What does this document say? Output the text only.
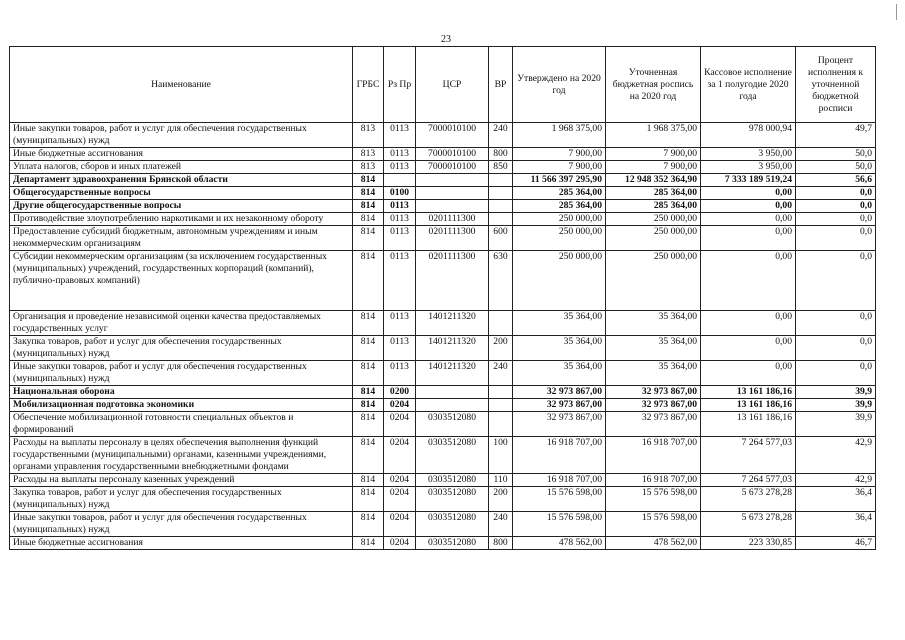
23
Наименование	ГРБС	Рз Пр	ЦСР	ВР	Утверждено на 2020 год	Уточненная бюджетная роспись на 2020 год	Кассовое исполнение за 1 полугодие 2020 года	Процент исполнения к уточненной бюджетной росписи
Иные закупки товаров, работ и услуг для обеспечения государственных (муниципальных) нужд	813	0113	7000010100	240	1 968 375,00	1 968 375,00	978 000,94	49,7
Иные бюджетные ассигнования	813	0113	7000010100	800	7 900,00	7 900,00	3 950,00	50,0
Уплата налогов, сборов и иных платежей	813	0113	7000010100	850	7 900,00	7 900,00	3 950,00	50,0
Департамент здравоохранения Брянской области	814				11 566 397 295,90	12 948 352 364,90	7 333 189 519,24	56,6
Общегосударственные вопросы	814	0100			285 364,00	285 364,00	0,00	0,0
Другие общегосударственные вопросы	814	0113			285 364,00	285 364,00	0,00	0,0
Противодействие злоупотреблению наркотиками и их незаконному обороту	814	0113	0201111300		250 000,00	250 000,00	0,00	0,0
Предоставление субсидий бюджетным, автономным учреждениям и иным некоммерческим организациям	814	0113	0201111300	600	250 000,00	250 000,00	0,00	0,0
Субсидии некоммерческим организациям (за исключением государственных (муниципальных) учреждений, государственных корпораций (компаний), публично-правовых компаний)	814	0113	0201111300	630	250 000,00	250 000,00	0,00	0,0
Организация и проведение независимой оценки качества предоставляемых государственных услуг	814	0113	1401211320		35 364,00	35 364,00	0,00	0,0
Закупка товаров, работ и услуг для обеспечения государственных (муниципальных) нужд	814	0113	1401211320	200	35 364,00	35 364,00	0,00	0,0
Иные закупки товаров, работ и услуг для обеспечения государственных (муниципальных) нужд	814	0113	1401211320	240	35 364,00	35 364,00	0,00	0,0
Национальная оборона	814	0200			32 973 867,00	32 973 867,00	13 161 186,16	39,9
Мобилизационная подготовка экономики	814	0204			32 973 867,00	32 973 867,00	13 161 186,16	39,9
Обеспечение мобилизационной готовности специальных объектов и формирований	814	0204	0303512080		32 973 867,00	32 973 867,00	13 161 186,16	39,9
Расходы на выплаты персоналу в целях обеспечения выполнения функций государственными (муниципальными) органами, казенными учреждениями, органами управления государственными внебюджетными фондами	814	0204	0303512080	100	16 918 707,00	16 918 707,00	7 264 577,03	42,9
Расходы на выплаты персоналу казенных учреждений	814	0204	0303512080	110	16 918 707,00	16 918 707,00	7 264 577,03	42,9
Закупка товаров, работ и услуг для обеспечения государственных (муниципальных) нужд	814	0204	0303512080	200	15 576 598,00	15 576 598,00	5 673 278,28	36,4
Иные закупки товаров, работ и услуг для обеспечения государственных (муниципальных) нужд	814	0204	0303512080	240	15 576 598,00	15 576 598,00	5 673 278,28	36,4
Иные бюджетные ассигнования	814	0204	0303512080	800	478 562,00	478 562,00	223 330,85	46,7
